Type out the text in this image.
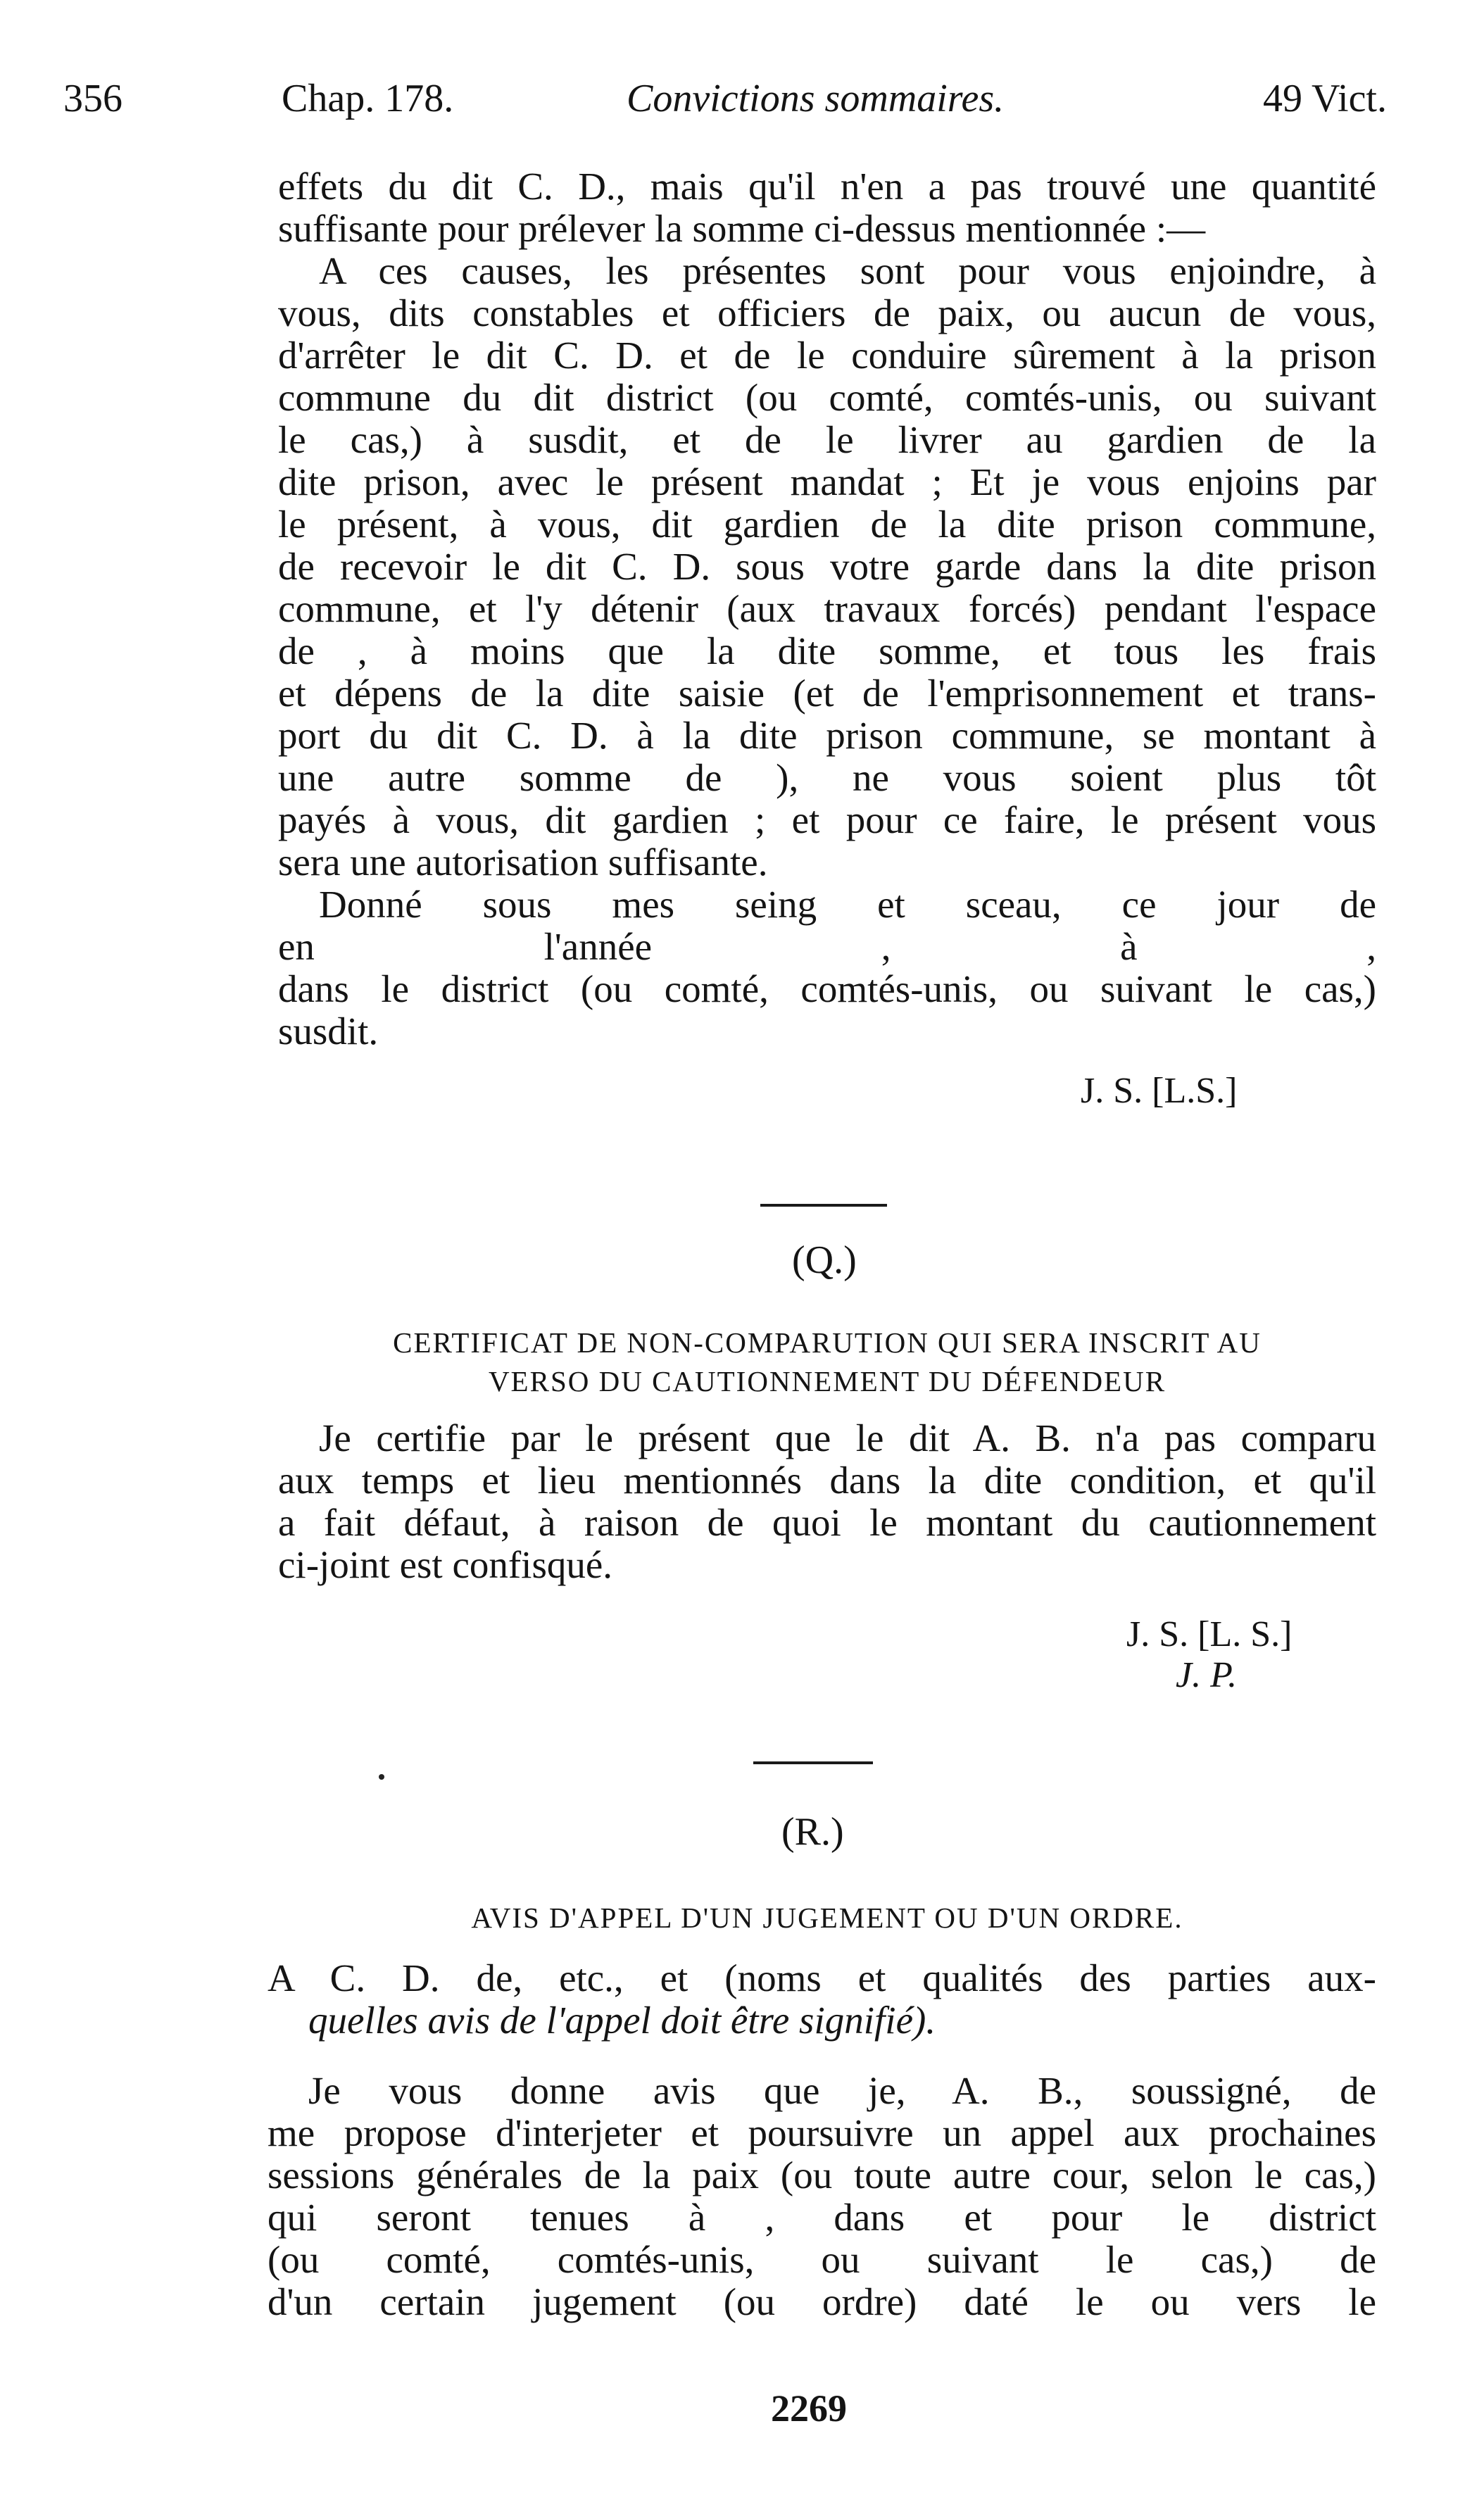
356	Chap. 178.	Convictions sommaires.	49 Vict.

effets du dit C. D., mais qu'il n'en a pas trouvé une quantité

suffisante pour prélever la somme ci-dessus mentionnée :—

A ces causes, les présentes sont pour vous enjoindre, à

vous, dits constables et officiers de paix, ou aucun de vous,

d'arrêter le dit C. D. et de le conduire sûrement à la prison

commune du dit district (ou comté, comtés-unis, ou suivant

le cas,) à susdit, et de le livrer au gardien de la

dite prison, avec le présent mandat ; Et je vous enjoins par

le présent, à vous, dit gardien de la dite prison commune,

de recevoir le dit C. D. sous votre garde dans la dite prison

commune, et l'y détenir (aux travaux forcés) pendant l'espace

de , à moins que la dite somme, et tous les frais

et dépens de la dite saisie (et de l'emprisonnement et trans-

port du dit C. D. à la dite prison commune, se montant à

une autre somme de ), ne vous soient plus tôt

payés à vous, dit gardien ; et pour ce faire, le présent vous

sera une autorisation suffisante.

Donné sous mes seing et sceau, ce jour de

en l'année , à ,

dans le district (ou comté, comtés-unis, ou suivant le cas,)

susdit.

J. S. [L.S.]
(Q.)
CERTIFICAT DE NON-COMPARUTION QUI SERA INSCRIT AU
VERSO DU CAUTIONNEMENT DU DÉFENDEUR

Je certifie par le présent que le dit A. B. n'a pas comparu

aux temps et lieu mentionnés dans la dite condition, et qu'il

a fait défaut, à raison de quoi le montant du cautionnement

ci-joint est confisqué.

J. S. [L. S.]
J. P.
(R.)
AVIS D'APPEL D'UN JUGEMENT OU D'UN ORDRE.

A C. D. de, etc., et (noms et qualités des parties aux-

quelles avis de l'appel doit être signifié).

Je vous donne avis que je, A. B., soussigné, de

me propose d'interjeter et poursuivre un appel aux prochaines

sessions générales de la paix (ou toute autre cour, selon le cas,)

qui seront tenues à , dans et pour le district

(ou comté, comtés-unis, ou suivant le cas,) de

d'un certain jugement (ou ordre) daté le ou vers le

2269
